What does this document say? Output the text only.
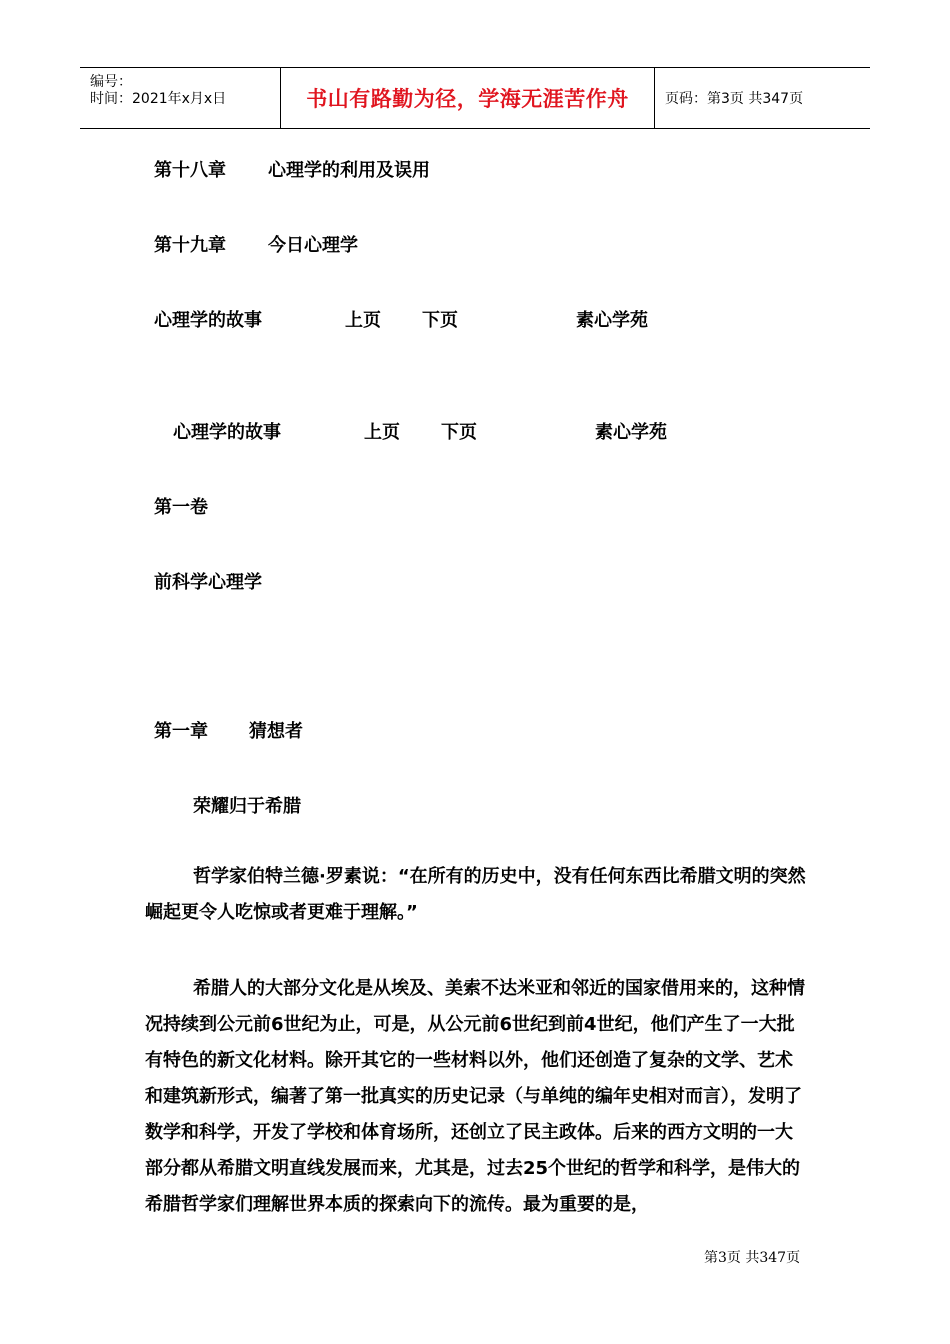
编号：
时间：2021年x月x日	书山有路勤为径，学海无涯苦作舟	页码：第3页 共347页
第十八章 心理学的利用及误用
第十九章 今日心理学
心理学的故事	上页 下页	素心学苑
心理学的故事	上页 下页	素心学苑
第一卷
前科学心理学
第一章 猜想者
荣耀归于希腊
哲学家伯特兰德·罗素说：“在所有的历史中，没有任何东西比希腊文明的突然崛起更令人吃惊或者更难于理解。”
希腊人的大部分文化是从埃及、美索不达米亚和邻近的国家借用来的，这种情况持续到公元前6世纪为止，可是，从公元前6世纪到前4世纪，他们产生了一大批有特色的新文化材料。除开其它的一些材料以外，他们还创造了复杂的文学、艺术和建筑新形式，编著了第一批真实的历史记录（与单纯的编年史相对而言），发明了数学和科学，开发了学校和体育场所，还创立了民主政体。后来的西方文明的一大部分都从希腊文明直线发展而来，尤其是，过去25个世纪的哲学和科学，是伟大的希腊哲学家们理解世界本质的探索向下的流传。最为重要的是，
第3页 共347页
